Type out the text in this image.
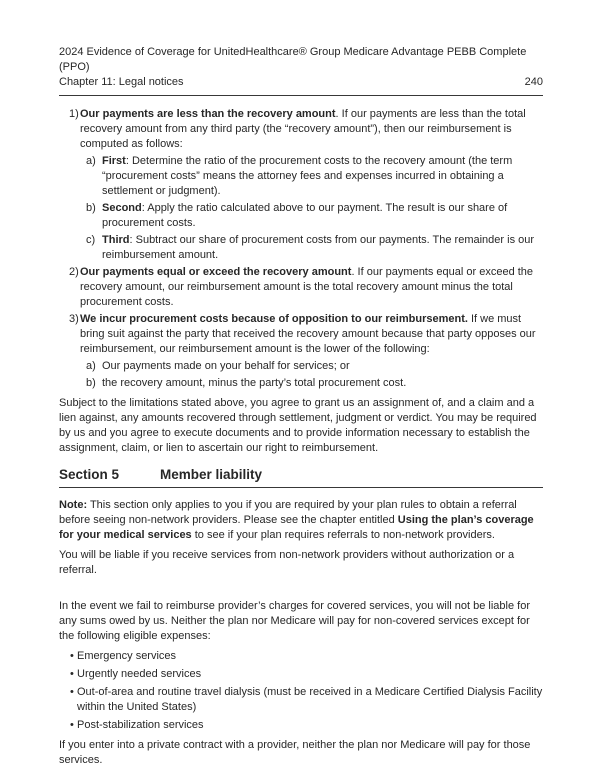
2024 Evidence of Coverage for UnitedHealthcare® Group Medicare Advantage PEBB Complete
(PPO)
Chapter 11: Legal notices	240
1) Our payments are less than the recovery amount. If our payments are less than the total recovery amount from any third party (the “recovery amount”), then our reimbursement is computed as follows:
a) First: Determine the ratio of the procurement costs to the recovery amount (the term “procurement costs” means the attorney fees and expenses incurred in obtaining a settlement or judgment).
b) Second: Apply the ratio calculated above to our payment. The result is our share of procurement costs.
c) Third: Subtract our share of procurement costs from our payments. The remainder is our reimbursement amount.
2) Our payments equal or exceed the recovery amount. If our payments equal or exceed the recovery amount, our reimbursement amount is the total recovery amount minus the total procurement costs.
3) We incur procurement costs because of opposition to our reimbursement. If we must bring suit against the party that received the recovery amount because that party opposes our reimbursement, our reimbursement amount is the lower of the following:
a) Our payments made on your behalf for services; or
b) the recovery amount, minus the party’s total procurement cost.

Subject to the limitations stated above, you agree to grant us an assignment of, and a claim and a lien against, any amounts recovered through settlement, judgment or verdict. You may be required by us and you agree to execute documents and to provide information necessary to establish the assignment, claim, or lien to ascertain our right to reimbursement.

Section 5	Member liability

Note: This section only applies to you if you are required by your plan rules to obtain a referral before seeing non-network providers. Please see the chapter entitled Using the plan’s coverage for your medical services to see if your plan requires referrals to non-network providers.

You will be liable if you receive services from non-network providers without authorization or a referral.

In the event we fail to reimburse provider’s charges for covered services, you will not be liable for any sums owed by us. Neither the plan nor Medicare will pay for non-covered services except for the following eligible expenses:

• Emergency services
• Urgently needed services
• Out-of-area and routine travel dialysis (must be received in a Medicare Certified Dialysis Facility within the United States)
• Post-stabilization services

If you enter into a private contract with a provider, neither the plan nor Medicare will pay for those services.
